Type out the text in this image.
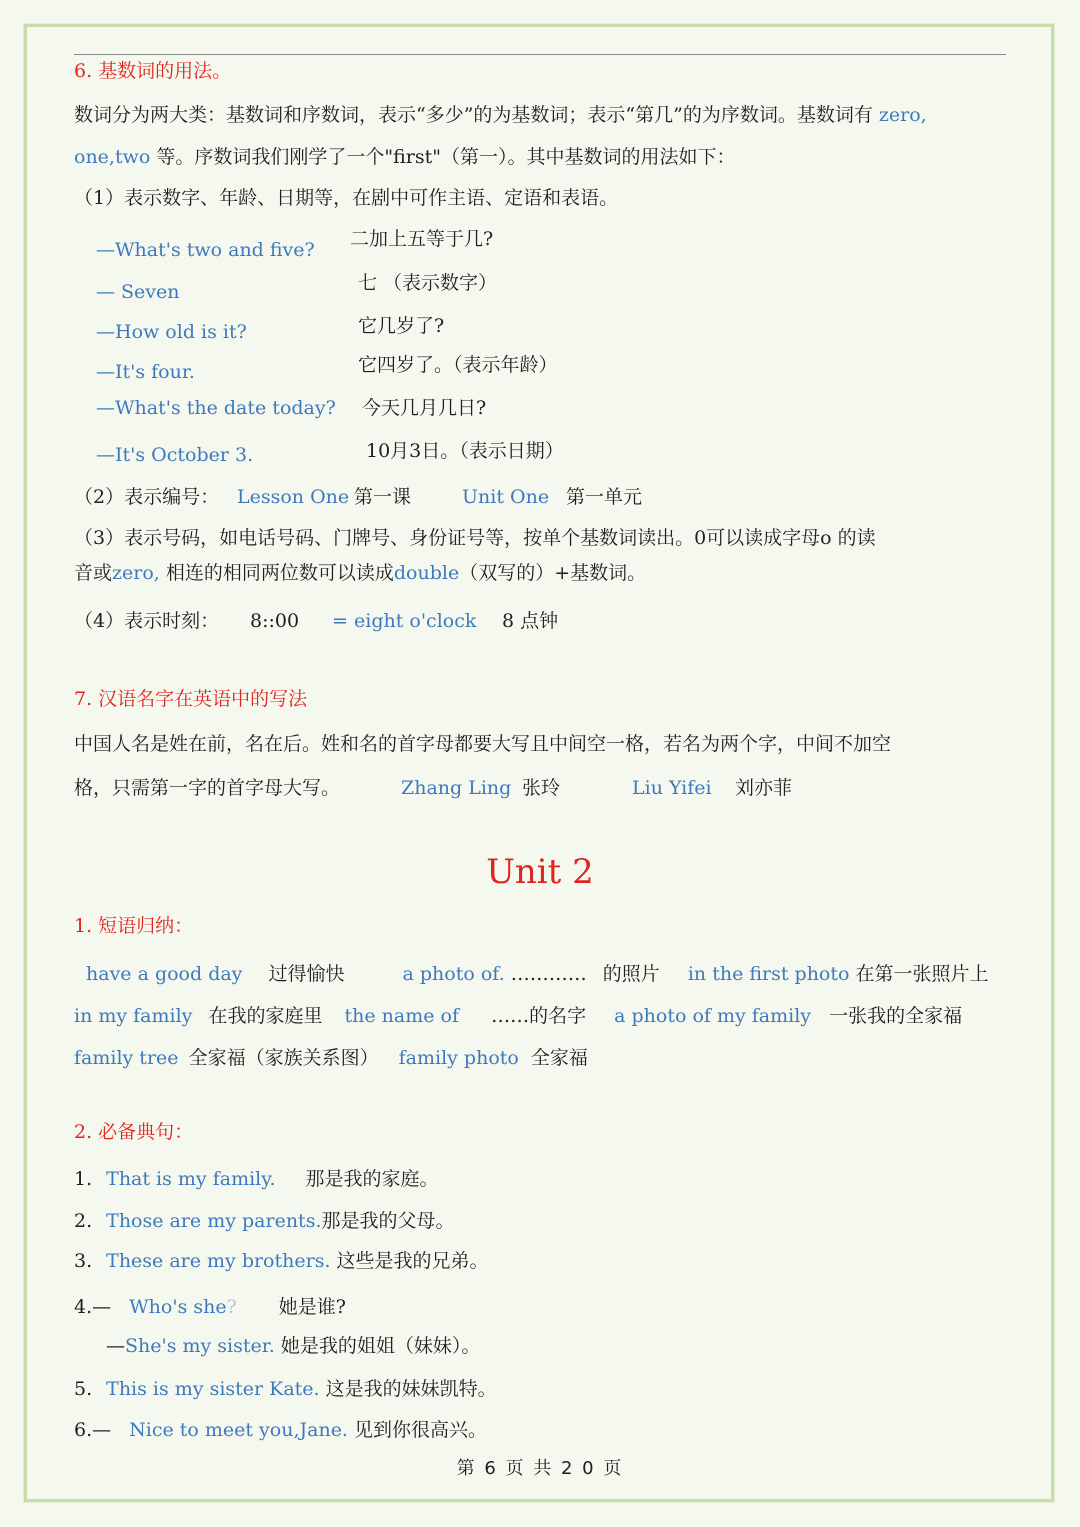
6. 基数词的用法。
数词分为两大类：基数词和序数词，表示“多少”的为基数词；表示“第几”的为序数词。基数词有 zero,
one,two 等。序数词我们刚学了一个"first"（第一）。其中基数词的用法如下：
（1）表示数字、年龄、日期等，在剧中可作主语、定语和表语。
—What's two and five? 二加上五等于几?
— Seven	七 （表示数字）
—How old is it?	它几岁了?
—It's four.	它四岁了。（表示年龄）
—What's the date today? 今天几月几日?
—It's October 3.	10月3日。（表示日期）
（2）表示编号： Lesson One 第一课	Unit One 第一单元
（3）表示号码，如电话号码、门牌号、身份证号等，按单个基数词读出。0可以读成字母o 的读
音或zero, 相连的相同两位数可以读成double（双写的）+基数词。
（4）表示时刻： 8::00 = eight o'clock 8 点钟
7. 汉语名字在英语中的写法
中国人名是姓在前，名在后。姓和名的首字母都要大写且中间空一格，若名为两个字，中间不加空
格，只需第一字的首字母大写。	Zhang Ling 张玲	Liu Yifei 刘亦菲
Unit 2
1. 短语归纳：
have a good day 过得愉快	a photo of. ………… 的照片 in the first photo 在第一张照片上
in my family 在我的家庭里 the name of ……的名字 a photo of my family 一张我的全家福
family tree 全家福（家族关系图） family photo 全家福
2. 必备典句：
1. That is my family. 那是我的家庭。
2. Those are my parents.那是我的父母。
3. These are my brothers. 这些是我的兄弟。
4.— Who's she? 她是谁?
—She's my sister. 她是我的姐姐（妹妹）。
5. This is my sister Kate. 这是我的妹妹凯特。
6.— Nice to meet you,Jane. 见到你很高兴。
第 6 页 共 2 0 页
